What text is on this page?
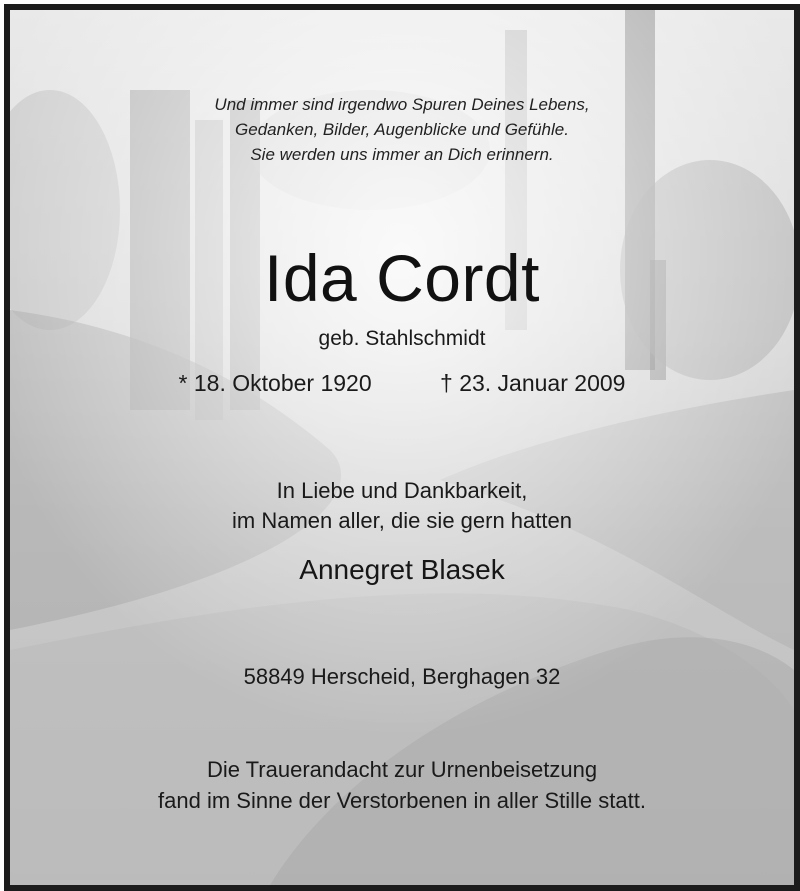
Und immer sind irgendwo Spuren Deines Lebens,
Gedanken, Bilder, Augenblicke und Gefühle.
Sie werden uns immer an Dich erinnern.
Ida Cordt
geb. Stahlschmidt
* 18. Oktober 1920	† 23. Januar 2009
In Liebe und Dankbarkeit,
im Namen aller, die sie gern hatten
Annegret Blasek
58849 Herscheid, Berghagen 32
Die Trauerandacht zur Urnenbeisetzung
fand im Sinne der Verstorbenen in aller Stille statt.
